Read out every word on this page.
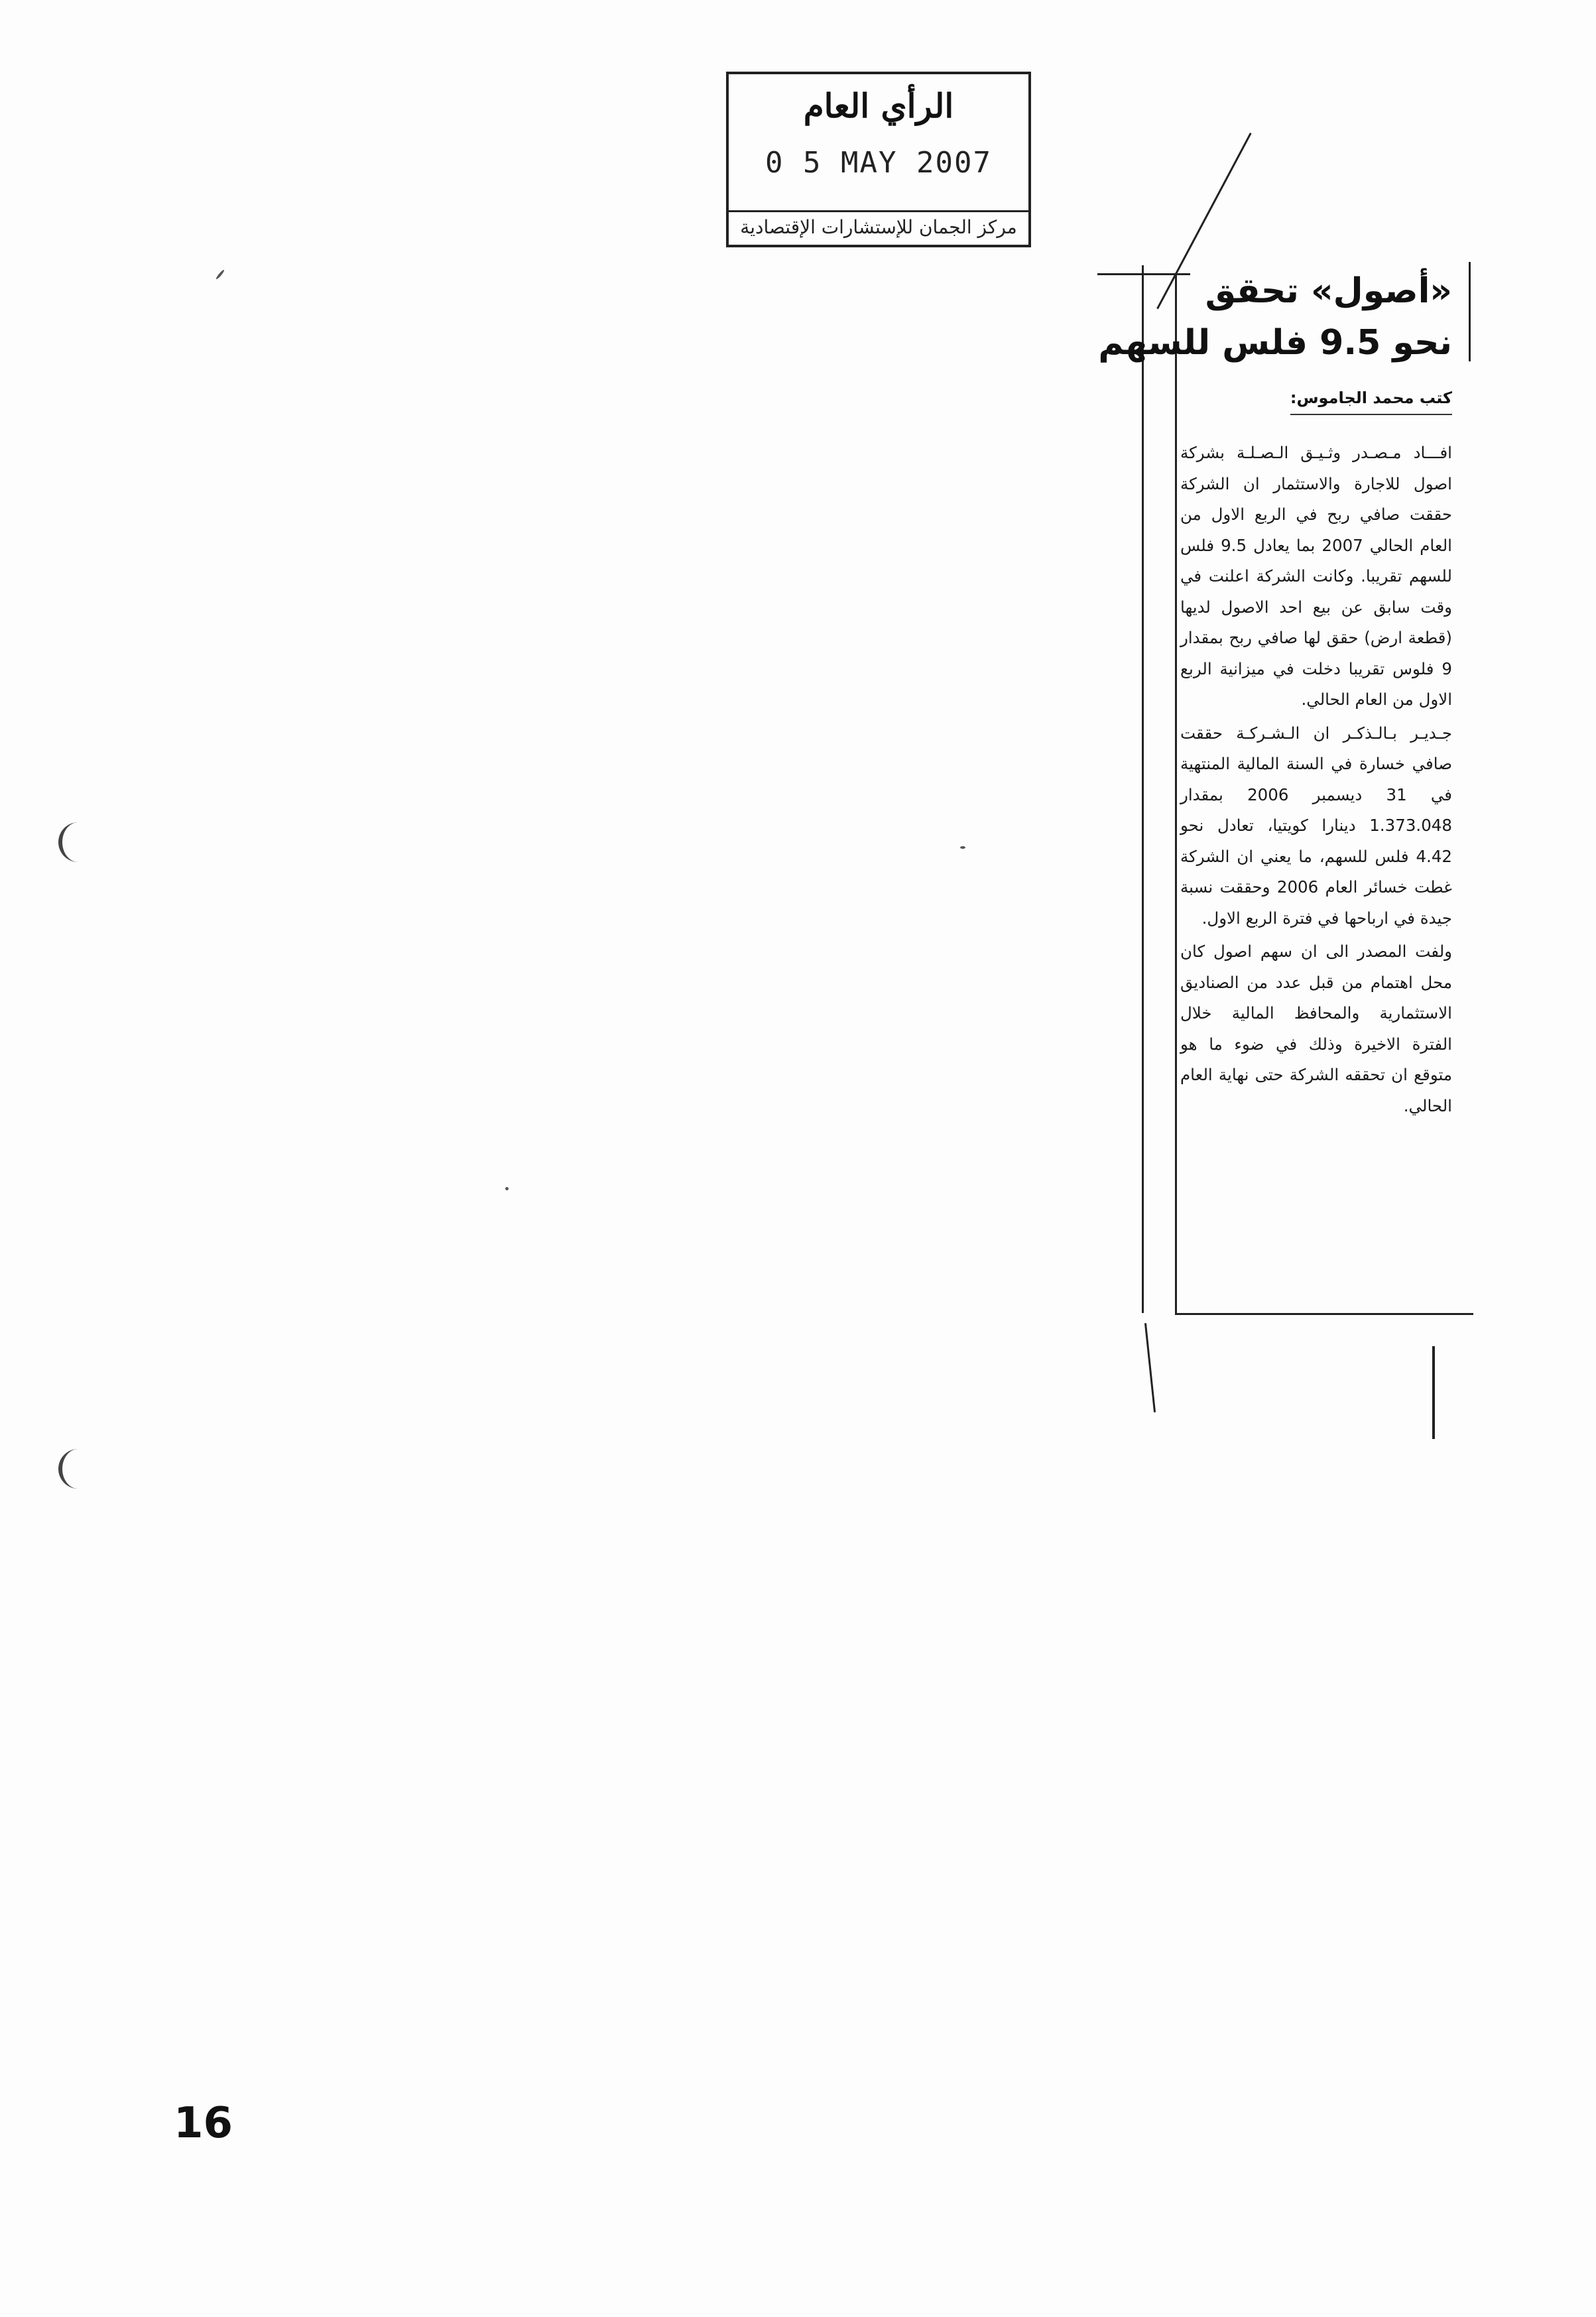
الرأي العام
0 5 MAY 2007
مركز الجمان للإستشارات الإقتصادية
«أصول» تحقق
نحو 9.5 فلس للسهم
كتب محمد الجاموس:

افـــاد مـصـدر وثـيـق الـصـلـة بشركة اصول للاجارة والاستثمار ان الشركة حققت صافي ربح في الربع الاول من العام الحالي 2007 بما يعادل 9.5 فلس للسهم تقريبا. وكانت الشركة اعلنت في وقت سابق عن بيع احد الاصول لديها (قطعة ارض) حقق لها صافي ربح بمقدار 9 فلوس تقريبا دخلت في ميزانية الربع الاول من العام الحالي.

جـديـر بـالـذكـر ان الـشـركـة حققت صافي خسارة في السنة المالية المنتهية في 31 ديسمبر 2006 بمقدار 1.373.048 دينارا كويتيا، تعادل نحو 4.42 فلس للسهم، ما يعني ان الشركة غطت خسائر العام 2006 وحققت نسبة جيدة في ارباحها في فترة الربع الاول.

ولفت المصدر الى ان سهم اصول كان محل اهتمام من قبل عدد من الصناديق الاستثمارية والمحافظ المالية خلال الفترة الاخيرة وذلك في ضوء ما هو متوقع ان تحققه الشركة حتى نهاية العام الحالي.

16
